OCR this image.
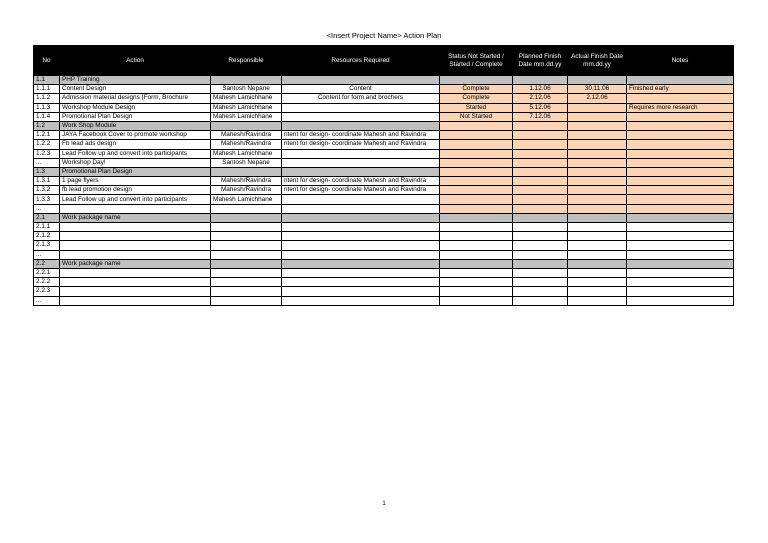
<Insert Project Name> Action Plan
No	Action	Responsible	Resources Required	Status Not Started / Started / Complete	Planned Finish Date mm.dd.yy	Actual Finish Date mm.dd.yy	Notes
1.1	PHP Training						
1.1.1	Content Design	Santosh Nepane	Content	Complete	1.12.06	30.11.06	Finished early
1.1.2	Admission material designs (Form, Brochure	Mahesh Lamichhane	Content for form and brochers	Complete	2.12.06	2.12.06	
1.1.3	Workshop Module Design	Mahesh Lamichhane		Started	5.12.06		Requires more research
1.1.4	Promotional Plan Design	Mahesh Lamichhane		Not Started	7.12.06		
1.2	Work Shop Module						
1.2.1	JAYA Facebook Cover to promote workshop	Mahesh/Ravindra	ntent for design- coordinate Mahesh and Ravindra				
1.2.2	Fb lead ads design	Mahesh/Ravindra	ntent for design- coordinate Mahesh and Ravindra				
1.2.3	Lead Follow up and convert into participants	Mahesh Lamichhane					
...	Workshop Day!	Santosh Nepane					
1.3	Promotional Plan Design						
1.3.1	1 page flyers	Mahesh/Ravindra	ntent for design- coordinate Mahesh and Ravindra				
1.3.2	fb lead promotion design	Mahesh/Ravindra	ntent for design- coordinate Mahesh and Ravindra				
1.3.3	Lead Follow up and convert into participants	Mahesh Lamichhane					
...							
2.1	Work package name						
2.1.1							
2.1.2							
2.1.3							
...							
2.2	Work package name						
2.2.1							
2.2.2							
2.2.3							
...							
1
